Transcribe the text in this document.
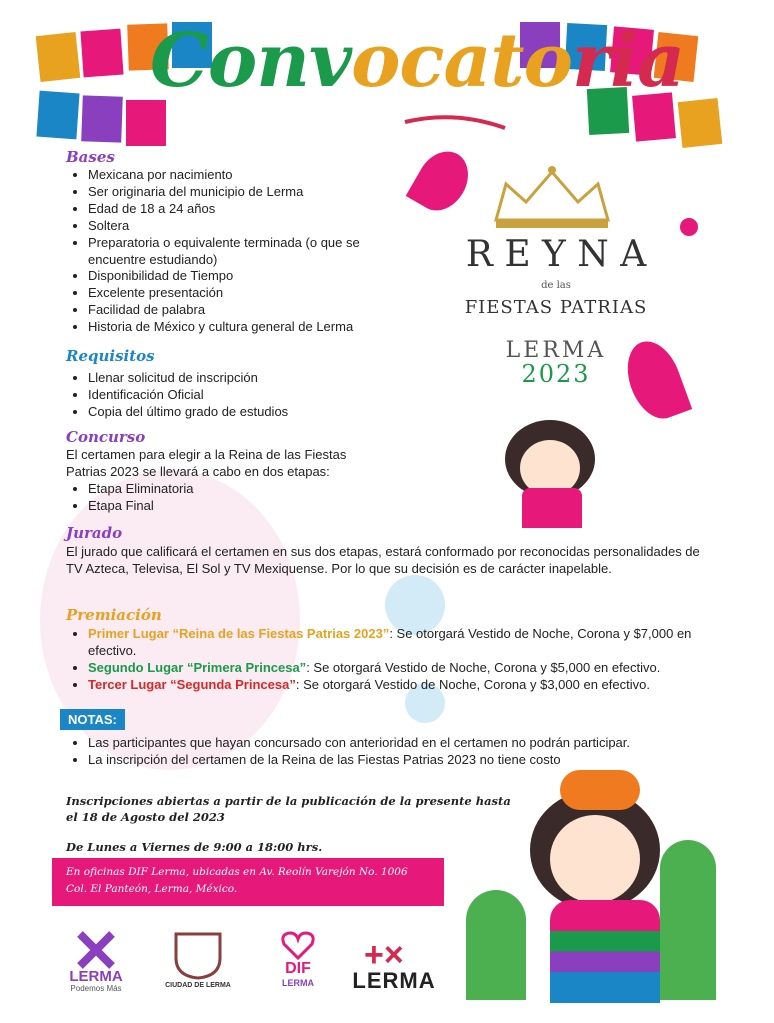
Convocatoria
Bases
• Mexicana por nacimiento
• Ser originaria del municipio de Lerma
• Edad de 18 a 24 años
• Soltera
• Preparatoria o equivalente terminada (o que se encuentre estudiando)
• Disponibilidad de Tiempo
• Excelente presentación
• Facilidad de palabra
• Historia de México y cultura general de Lerma
Requisitos
• Llenar solicitud de inscripción
• Identificación Oficial
• Copia del último grado de estudios
Concurso
El certamen para elegir a la Reina de las Fiestas Patrias 2023 se llevará a cabo en dos etapas:
• Etapa Eliminatoria
• Etapa Final
Jurado
El jurado que calificará el certamen en sus dos etapas, estará conformado por reconocidas personalidades de TV Azteca, Televisa, El Sol y TV Mexiquense. Por lo que su decisión es de carácter inapelable.
Premiación
• Primer Lugar “Reina de las Fiestas Patrias 2023”: Se otorgará Vestido de Noche, Corona y $7,000 en efectivo.
• Segundo Lugar “Primera Princesa”: Se otorgará Vestido de Noche, Corona y $5,000 en efectivo.
• Tercer Lugar “Segunda Princesa”: Se otorgará Vestido de Noche, Corona y $3,000 en efectivo.
NOTAS:
• Las participantes que hayan concursado con anterioridad en el certamen no podrán participar.
• La inscripción del certamen de la Reina de las Fiestas Patrias 2023 no tiene costo
Inscripciones abiertas a partir de la publicación de la presente hasta
el 18 de Agosto del 2023
De Lunes a Viernes de 9:00 a 18:00 hrs.
En oficinas DIF Lerma, ubicadas en Av. Reolín Varejón No. 1006
Col. El Panteón, Lerma, México.
R E Y N A
de las
FIESTAS PATRIAS
LERMA
2023
LERMA
Podemos Más	CIUDAD DE LERMA
DIF
LERMA
+×
LERMA
